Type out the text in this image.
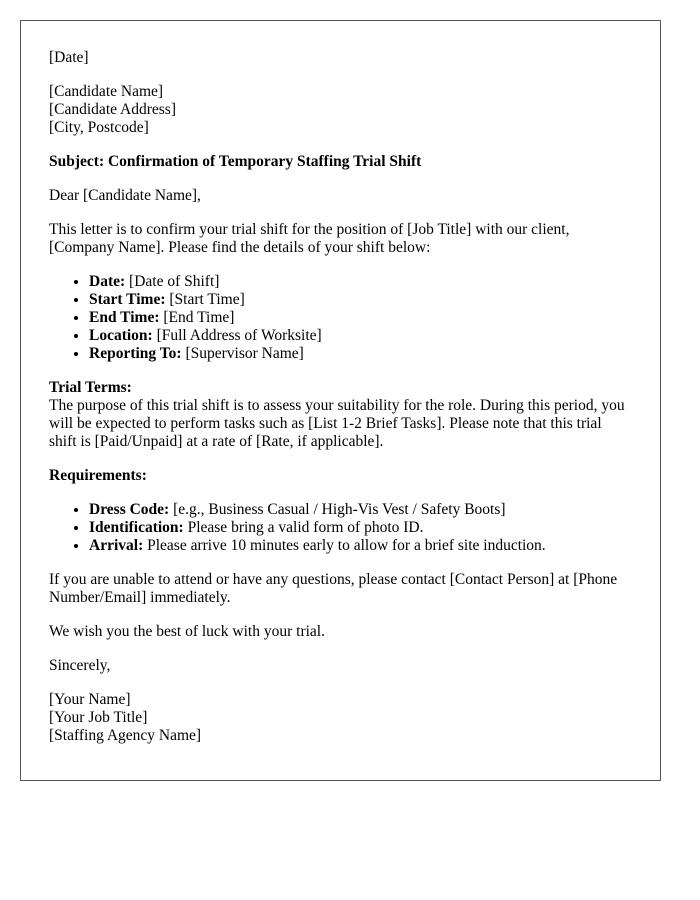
[Date]

[Candidate Name]
[Candidate Address]
[City, Postcode]

Subject: Confirmation of Temporary Staffing Trial Shift

Dear [Candidate Name],

This letter is to confirm your trial shift for the position of [Job Title] with our client, [Company Name]. Please find the details of your shift below:

• Date: [Date of Shift]
• Start Time: [Start Time]
• End Time: [End Time]
• Location: [Full Address of Worksite]
• Reporting To: [Supervisor Name]
Trial Terms:
The purpose of this trial shift is to assess your suitability for the role. During this period, you will be expected to perform tasks such as [List 1-2 Brief Tasks]. Please note that this trial shift is [Paid/Unpaid] at a rate of [Rate, if applicable].

Requirements:

• Dress Code: [e.g., Business Casual / High-Vis Vest / Safety Boots]
• Identification: Please bring a valid form of photo ID.
• Arrival: Please arrive 10 minutes early to allow for a brief site induction.

If you are unable to attend or have any questions, please contact [Contact Person] at [Phone Number/Email] immediately.

We wish you the best of luck with your trial.

Sincerely,

[Your Name]
[Your Job Title]
[Staffing Agency Name]
